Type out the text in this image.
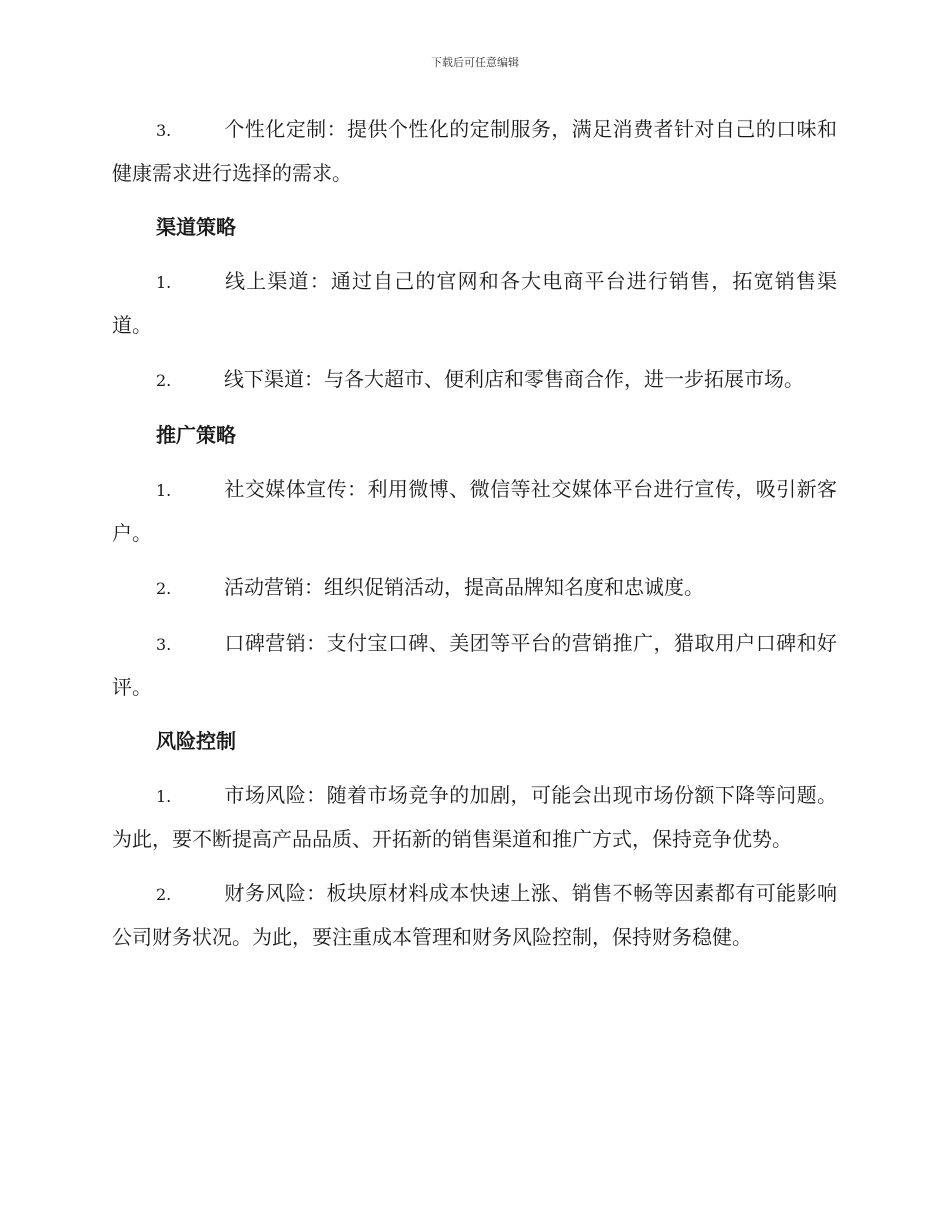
下载后可任意编辑

3.	个性化定制：提供个性化的定制服务，满足消费者针对自己的口味和健康需求进行选择的需求。

渠道策略

1.	线上渠道：通过自己的官网和各大电商平台进行销售，拓宽销售渠道。

2.	线下渠道：与各大超市、便利店和零售商合作，进一步拓展市场。

推广策略

1.	社交媒体宣传：利用微博、微信等社交媒体平台进行宣传，吸引新客户。

2.	活动营销：组织促销活动，提高品牌知名度和忠诚度。

3.	口碑营销：支付宝口碑、美团等平台的营销推广，猎取用户口碑和好评。

风险控制

1.	市场风险：随着市场竞争的加剧，可能会出现市场份额下降等问题。为此，要不断提高产品品质、开拓新的销售渠道和推广方式，保持竞争优势。

2.	财务风险：板块原材料成本快速上涨、销售不畅等因素都有可能影响公司财务状况。为此，要注重成本管理和财务风险控制，保持财务稳健。
